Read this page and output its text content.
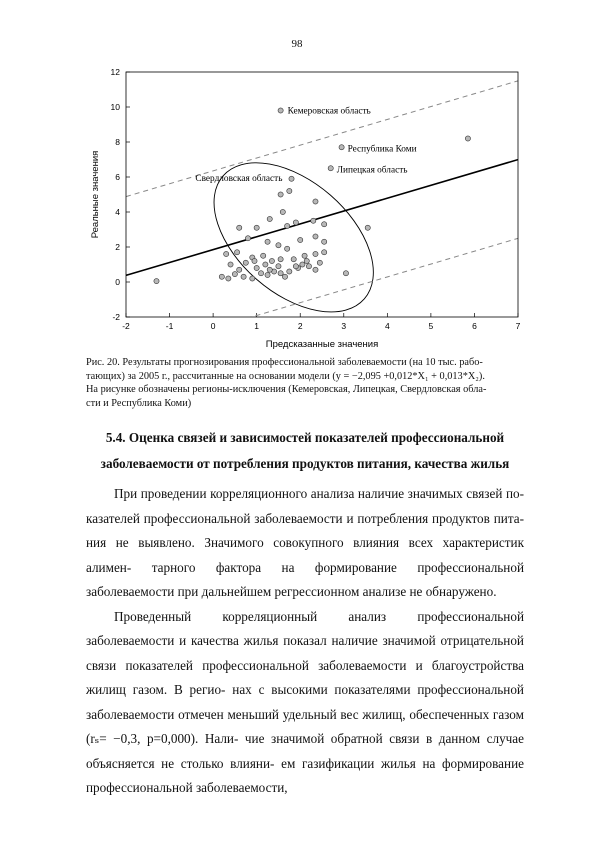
98
-2	-1	0	1	2	3	4	5	6	7
-2
0
2
4
6
8
10
12
Кемеровская область
Республика Коми
Липецкая область
Свердловская область
Предсказанные значения
Реальные значения
Рис. 20. Результаты прогнозирования профессиональной заболеваемости (на 10 тыс. рабо-
тающих) за 2005 г., рассчитанные на основании модели (y = −2,095 +0,012*X₁ + 0,013*X₂).
На рисунке обозначены регионы-исключения (Кемеровская, Липецкая, Свердловская обла-
сти и Республика Коми)
5.4. Оценка связей и зависимостей показателей профессиональной
заболеваемости от потребления продуктов питания, качества жилья

При проведении корреляционного анализа наличие значимых связей по- казателей профессиональной заболеваемости и потребления продуктов пита- ния не выявлено. Значимого совокупного влияния всех характеристик алимен- тарного фактора на формирование профессиональной заболеваемости при дальнейшем регрессионном анализе не обнаружено.

Проведенный корреляционный анализ профессиональной заболеваемости и качества жилья показал наличие значимой отрицательной связи показателей профессиональной заболеваемости и благоустройства жилищ газом. В регио- нах с высокими показателями профессиональной заболеваемости отмечен меньший удельный вес жилищ, обеспеченных газом (rₛ= −0,3, p=0,000). Нали- чие значимой обратной связи в данном случае объясняется не столько влияни- ем газификации жилья на формирование профессиональной заболеваемости,
